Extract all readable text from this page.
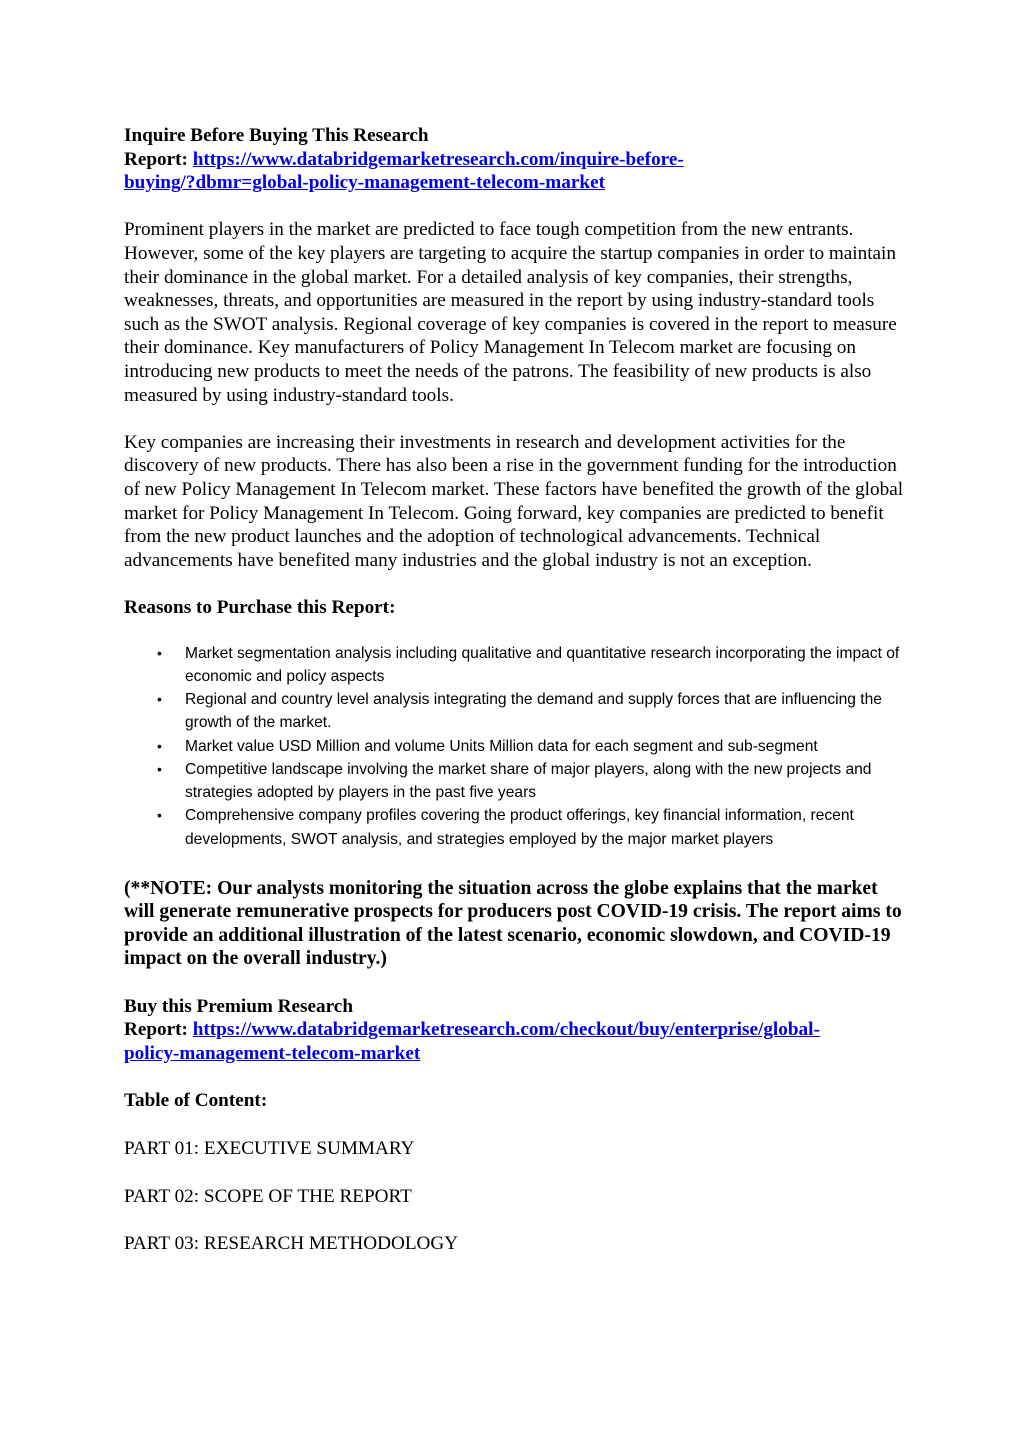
Inquire Before Buying This Research

Report: https://www.databridgemarketresearch.com/inquire-before-
buying/?dbmr=global-policy-management-telecom-market

Prominent players in the market are predicted to face tough competition from the new entrants. However, some of the key players are targeting to acquire the startup companies in order to maintain their dominance in the global market. For a detailed analysis of key companies, their strengths, weaknesses, threats, and opportunities are measured in the report by using industry-standard tools such as the SWOT analysis. Regional coverage of key companies is covered in the report to measure their dominance. Key manufacturers of Policy Management In Telecom market are focusing on introducing new products to meet the needs of the patrons. The feasibility of new products is also measured by using industry-standard tools.

Key companies are increasing their investments in research and development activities for the discovery of new products. There has also been a rise in the government funding for the introduction of new Policy Management In Telecom market. These factors have benefited the growth of the global market for Policy Management In Telecom. Going forward, key companies are predicted to benefit from the new product launches and the adoption of technological advancements. Technical advancements have benefited many industries and the global industry is not an exception.

Reasons to Purchase this Report:

• Market segmentation analysis including qualitative and quantitative research incorporating the impact of economic and policy aspects
• Regional and country level analysis integrating the demand and supply forces that are influencing the growth of the market.
• Market value USD Million and volume Units Million data for each segment and sub-segment
• Competitive landscape involving the market share of major players, along with the new projects and strategies adopted by players in the past five years
• Comprehensive company profiles covering the product offerings, key financial information, recent developments, SWOT analysis, and strategies employed by the major market players

(**NOTE: Our analysts monitoring the situation across the globe explains that the market will generate remunerative prospects for producers post COVID-19 crisis. The report aims to provide an additional illustration of the latest scenario, economic slowdown, and COVID-19 impact on the overall industry.)

Buy this Premium Research

Report: https://www.databridgemarketresearch.com/checkout/buy/enterprise/global-
policy-management-telecom-market

Table of Content:

PART 01: EXECUTIVE SUMMARY

PART 02: SCOPE OF THE REPORT

PART 03: RESEARCH METHODOLOGY
